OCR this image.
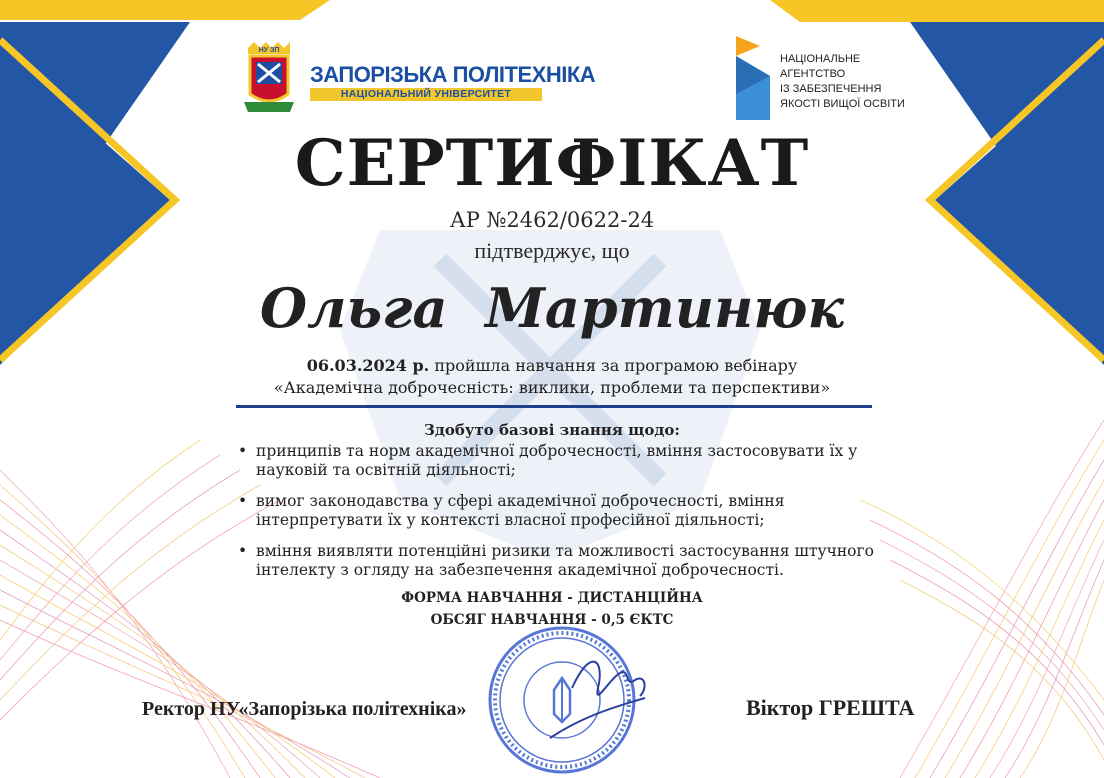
НУ ЗП
ЗАПОРІЗЬКА ПОЛІТЕХНІКА
НАЦІОНАЛЬНИЙ УНІВЕРСИТЕТ
НАЦІОНАЛЬНЕ
АГЕНТСТВО
ІЗ ЗАБЕЗПЕЧЕННЯ
ЯКОСТІ ВИЩОЇ ОСВІТИ
СЕРТИФІКАТ
АР №2462/0622-24
підтверджує, що
Ольга  Мартинюк
06.03.2024 р. пройшла навчання за програмою вебінару
«Академічна доброчесність: виклики, проблеми та перспективи»
Здобуто базові знання щодо:
• принципів та норм академічної доброчесності, вміння застосовувати їх у науковій та освітній діяльності;
• вимог законодавства у сфері академічної доброчесності, вміння інтерпретувати їх у контексті власної професійної діяльності;
• вміння виявляти потенційні ризики та можливості застосування штучного інтелекту з огляду на забезпечення академічної доброчесності.
ФОРМА НАВЧАННЯ - ДИСТАНЦІЙНА
ОБСЯГ НАВЧАННЯ - 0,5 ЄКТС
Ректор НУ«Запорізька політехніка»	Віктор ГРЕШТА
